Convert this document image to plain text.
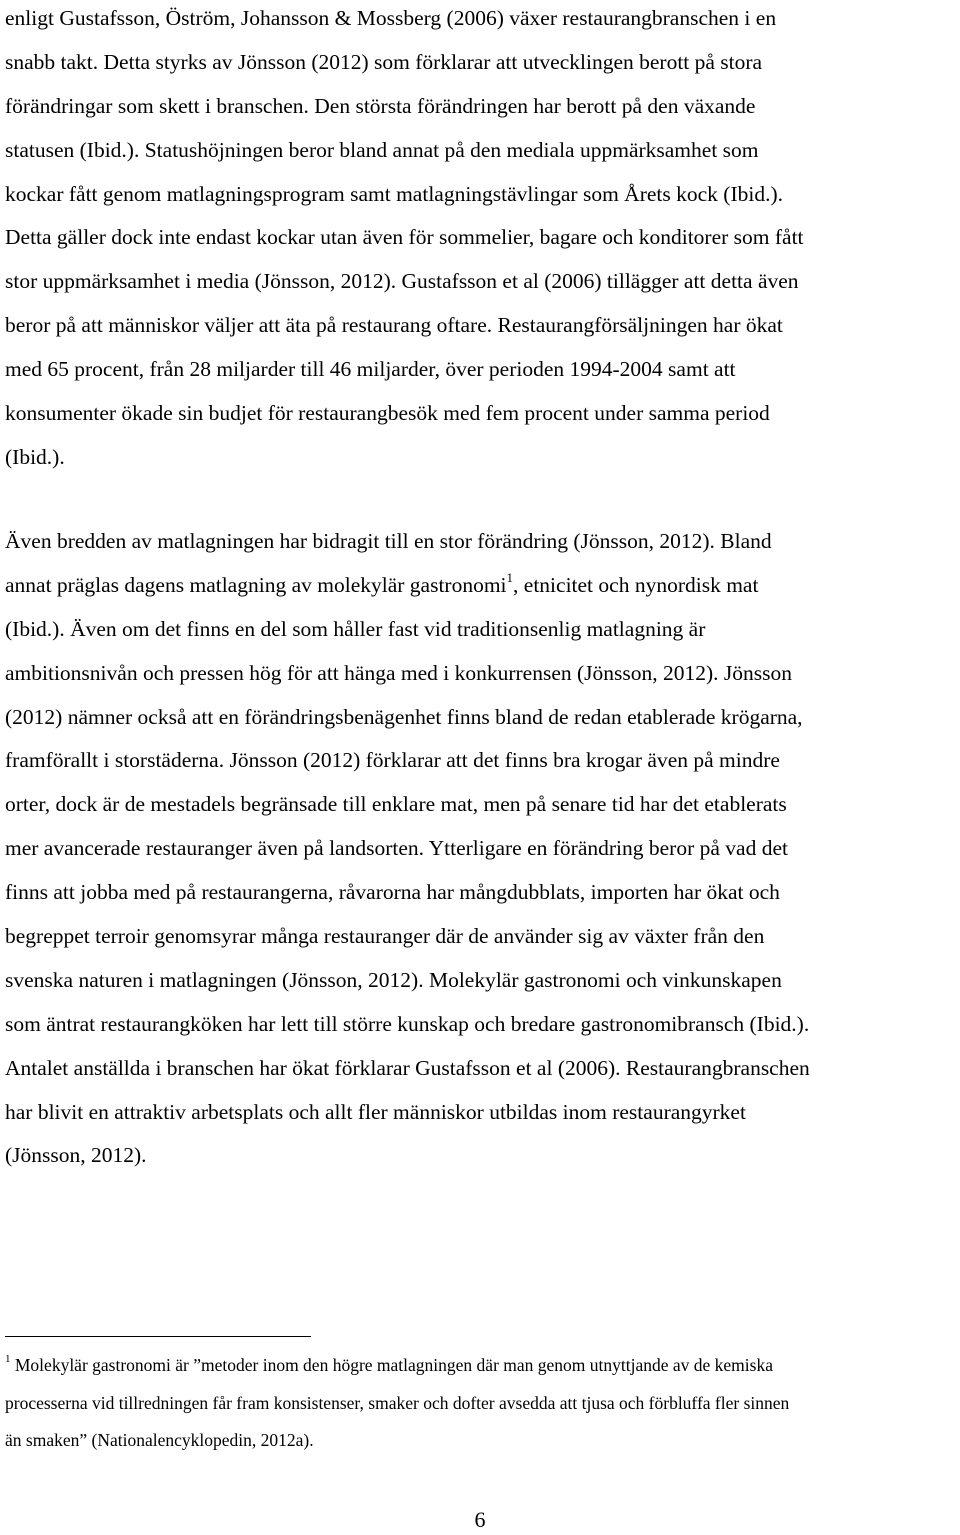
enligt Gustafsson, Öström, Johansson & Mossberg (2006) växer restaurangbranschen i en
snabb takt. Detta styrks av Jönsson (2012) som förklarar att utvecklingen berott på stora
förändringar som skett i branschen. Den största förändringen har berott på den växande
statusen (Ibid.). Statushöjningen beror bland annat på den mediala uppmärksamhet som
kockar fått genom matlagningsprogram samt matlagningstävlingar som Årets kock (Ibid.).
Detta gäller dock inte endast kockar utan även för sommelier, bagare och konditorer som fått
stor uppmärksamhet i media (Jönsson, 2012). Gustafsson et al (2006) tillägger att detta även
beror på att människor väljer att äta på restaurang oftare. Restaurangförsäljningen har ökat
med 65 procent, från 28 miljarder till 46 miljarder, över perioden 1994-2004 samt att
konsumenter ökade sin budjet för restaurangbesök med fem procent under samma period
(Ibid.).
Även bredden av matlagningen har bidragit till en stor förändring (Jönsson, 2012). Bland
annat präglas dagens matlagning av molekylär gastronomi$^1$, etnicitet och nynordisk mat
(Ibid.). Även om det finns en del som håller fast vid traditionsenlig matlagning är
ambitionsnivån och pressen hög för att hänga med i konkurrensen (Jönsson, 2012). Jönsson
(2012) nämner också att en förändringsbenägenhet finns bland de redan etablerade krögarna,
framförallt i storstäderna. Jönsson (2012) förklarar att det finns bra krogar även på mindre
orter, dock är de mestadels begränsade till enklare mat, men på senare tid har det etablerats
mer avancerade restauranger även på landsorten. Ytterligare en förändring beror på vad det
finns att jobba med på restaurangerna, råvarorna har mångdubblats, importen har ökat och
begreppet terroir genomsyrar många restauranger där de använder sig av växter från den
svenska naturen i matlagningen (Jönsson, 2012). Molekylär gastronomi och vinkunskapen
som äntrat restaurangköken har lett till större kunskap och bredare gastronomibransch (Ibid.).
Antalet anställda i branschen har ökat förklarar Gustafsson et al (2006). Restaurangbranschen
har blivit en attraktiv arbetsplats och allt fler människor utbildas inom restaurangyrket
(Jönsson, 2012).
$^1$ Molekylär gastronomi är ”metoder inom den högre matlagningen där man genom utnyttjande av de kemiska
processerna vid tillredningen får fram konsistenser, smaker och dofter avsedda att tjusa och förbluffa fler sinnen
än smaken” (Nationalencyklopedin, 2012a).
6
